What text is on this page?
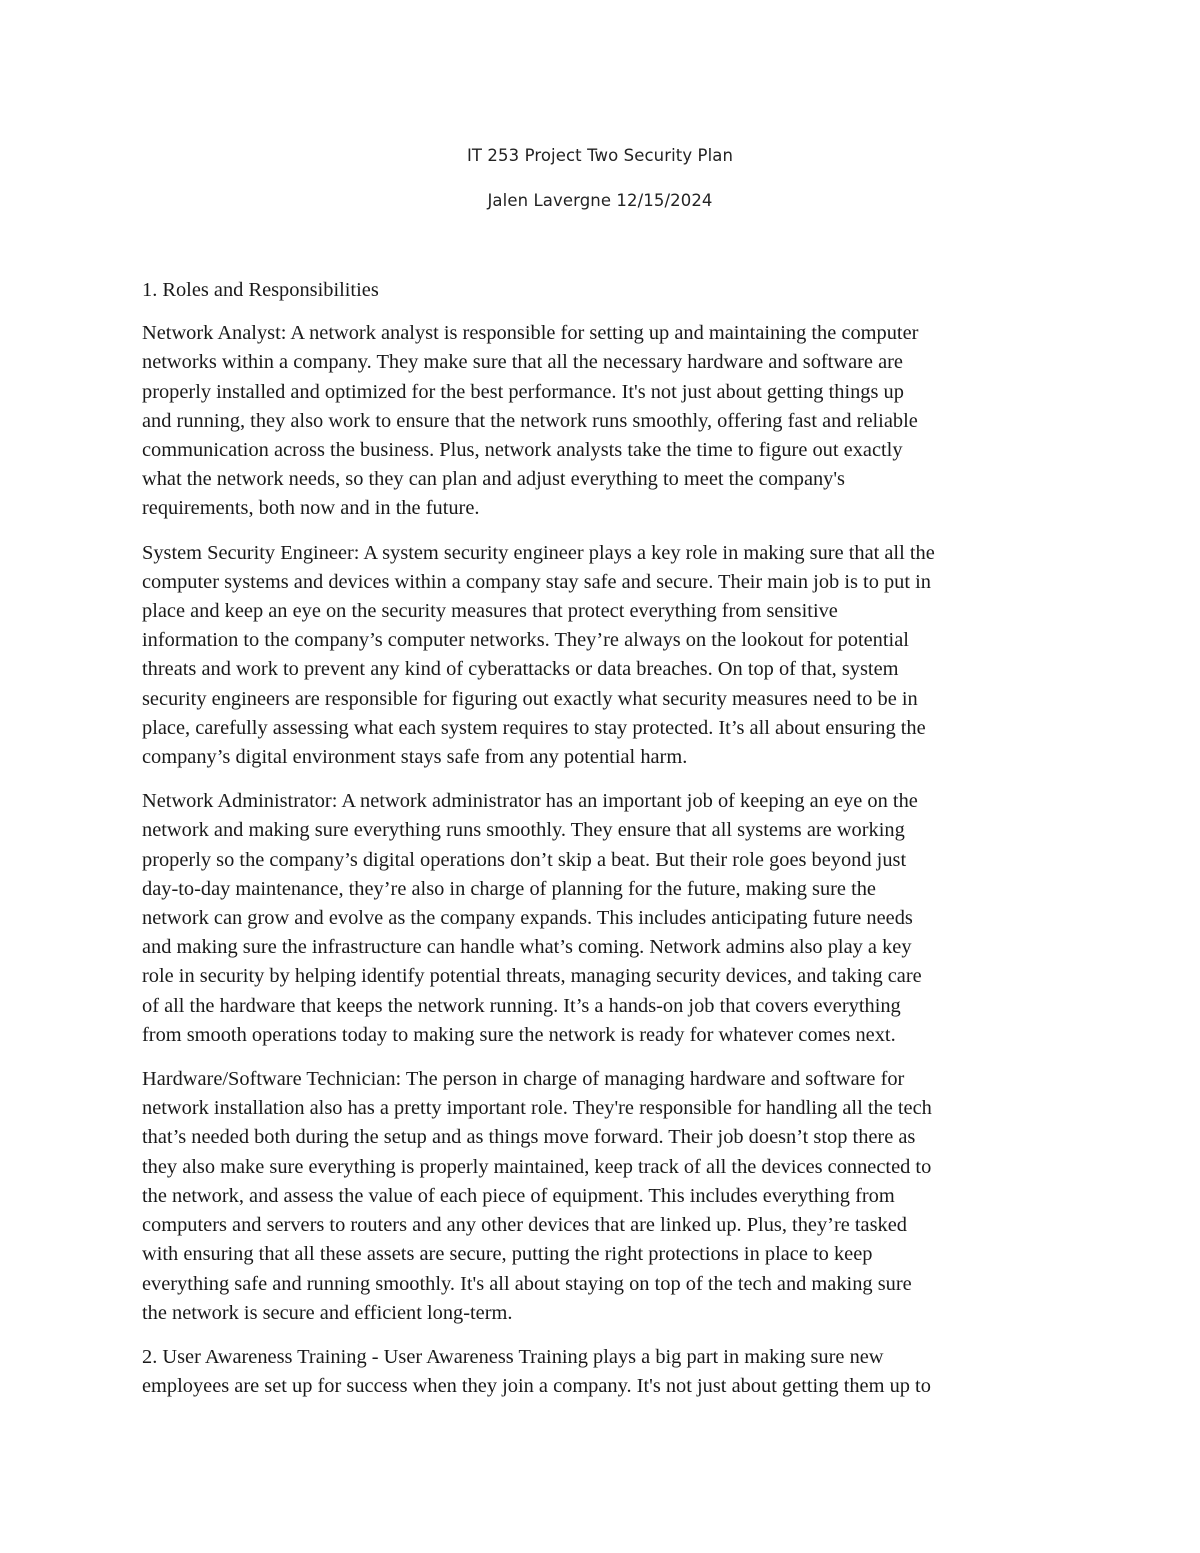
IT 253 Project Two Security Plan
Jalen Lavergne 12/15/2024
1. Roles and Responsibilities
Network Analyst: A network analyst is responsible for setting up and maintaining the computer
networks within a company. They make sure that all the necessary hardware and software are
properly installed and optimized for the best performance. It's not just about getting things up
and running, they also work to ensure that the network runs smoothly, offering fast and reliable
communication across the business. Plus, network analysts take the time to figure out exactly
what the network needs, so they can plan and adjust everything to meet the company's
requirements, both now and in the future.
System Security Engineer: A system security engineer plays a key role in making sure that all the
computer systems and devices within a company stay safe and secure. Their main job is to put in
place and keep an eye on the security measures that protect everything from sensitive
information to the company’s computer networks. They’re always on the lookout for potential
threats and work to prevent any kind of cyberattacks or data breaches. On top of that, system
security engineers are responsible for figuring out exactly what security measures need to be in
place, carefully assessing what each system requires to stay protected. It’s all about ensuring the
company’s digital environment stays safe from any potential harm.
Network Administrator: A network administrator has an important job of keeping an eye on the
network and making sure everything runs smoothly. They ensure that all systems are working
properly so the company’s digital operations don’t skip a beat. But their role goes beyond just
day-to-day maintenance, they’re also in charge of planning for the future, making sure the
network can grow and evolve as the company expands. This includes anticipating future needs
and making sure the infrastructure can handle what’s coming. Network admins also play a key
role in security by helping identify potential threats, managing security devices, and taking care
of all the hardware that keeps the network running. It’s a hands-on job that covers everything
from smooth operations today to making sure the network is ready for whatever comes next.
Hardware/Software Technician: The person in charge of managing hardware and software for
network installation also has a pretty important role. They're responsible for handling all the tech
that’s needed both during the setup and as things move forward. Their job doesn’t stop there as
they also make sure everything is properly maintained, keep track of all the devices connected to
the network, and assess the value of each piece of equipment. This includes everything from
computers and servers to routers and any other devices that are linked up. Plus, they’re tasked
with ensuring that all these assets are secure, putting the right protections in place to keep
everything safe and running smoothly. It's all about staying on top of the tech and making sure
the network is secure and efficient long-term.
2. User Awareness Training - User Awareness Training plays a big part in making sure new
employees are set up for success when they join a company. It's not just about getting them up to
